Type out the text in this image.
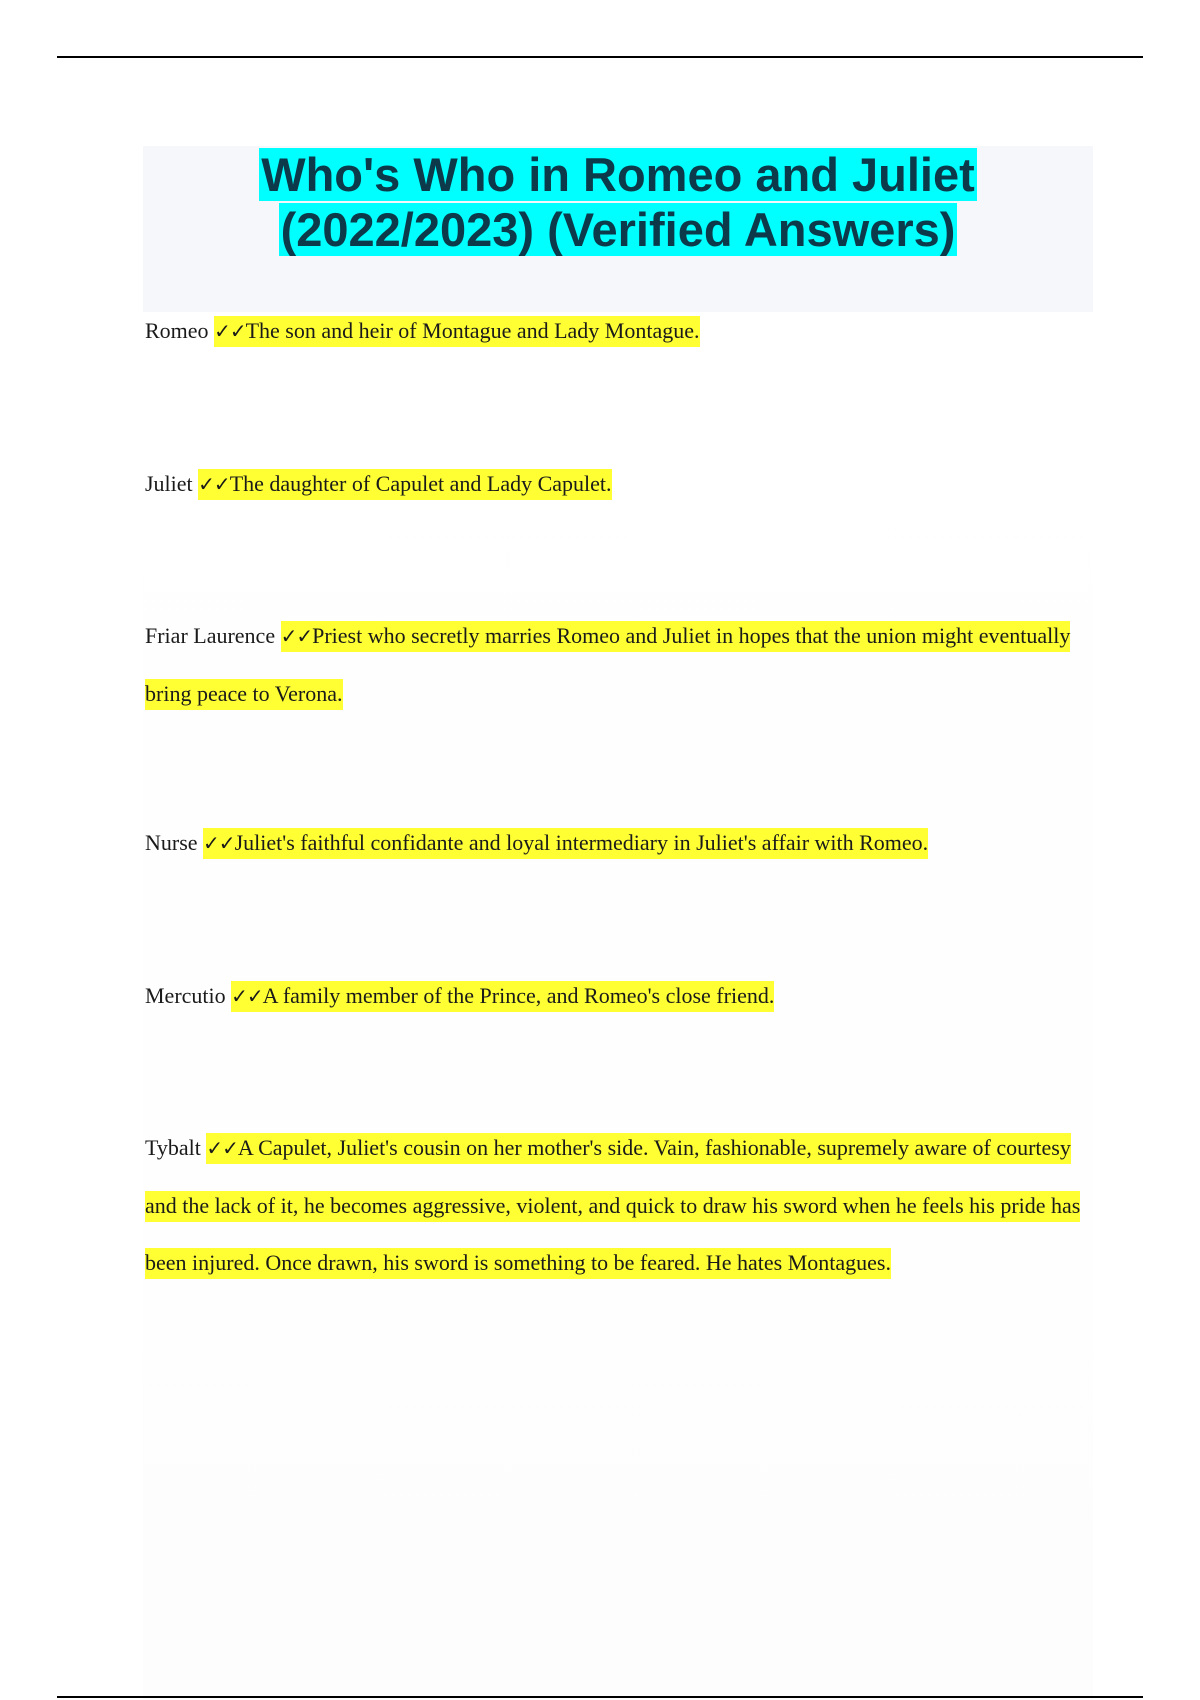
Who's Who in Romeo and Juliet
(2022/2023) (Verified Answers)
Romeo ✓✓The son and heir of Montague and Lady Montague.
Juliet ✓✓The daughter of Capulet and Lady Capulet.
Friar Laurence ✓✓Priest who secretly marries Romeo and Juliet in hopes that the union might eventually bring peace to Verona.
Nurse ✓✓Juliet's faithful confidante and loyal intermediary in Juliet's affair with Romeo.
Mercutio ✓✓A family member of the Prince, and Romeo's close friend.
Tybalt ✓✓A Capulet, Juliet's cousin on her mother's side. Vain, fashionable, supremely aware of courtesy and the lack of it, he becomes aggressive, violent, and quick to draw his sword when he feels his pride has been injured. Once drawn, his sword is something to be feared. He hates Montagues.
